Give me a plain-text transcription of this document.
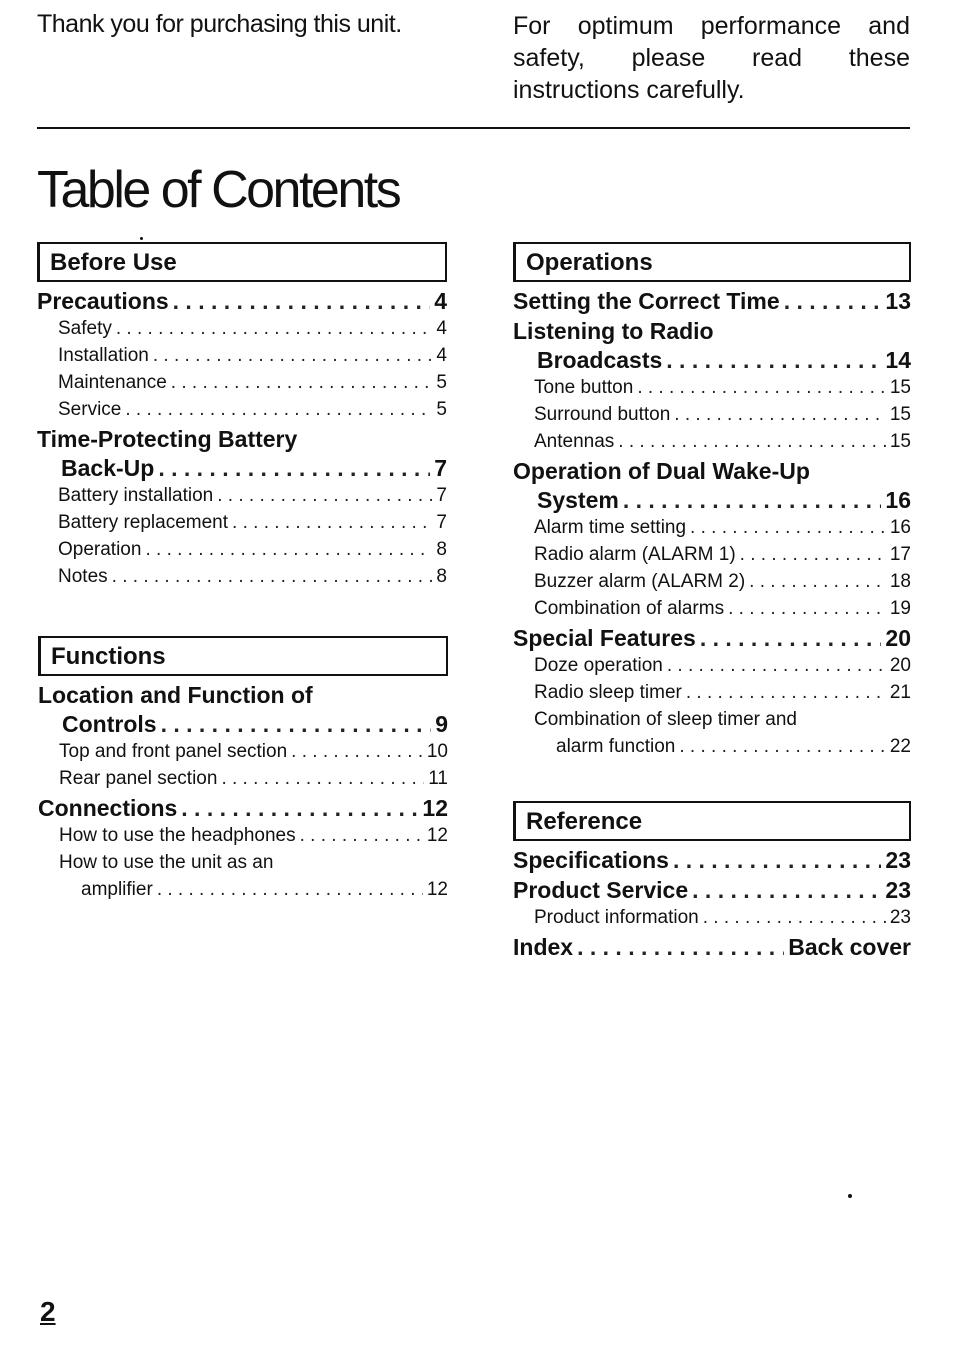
Thank you for purchasing this unit.	For optimum performance and safety, please read these instructions carefully.
Table of Contents
Before Use
Precautions . . .	4
Safety . . .	4
Installation . . .	4
Maintenance . . .	5
Service . . .	5
Time-Protecting Battery
Back-Up . . .	7
Battery installation . . .	7
Battery replacement . . .	7
Operation . . .	8
Notes . . .	8
Functions
Location and Function of
Controls . . .	9
Top and front panel section . . .	10
Rear panel section . . .	11
Connections . . .	12
How to use the headphones . . .	12
How to use the unit as an
amplifier . . .	12
Operations
Setting the Correct Time . . .	13
Listening to Radio
Broadcasts . . .	14
Tone button . . .	15
Surround button . . .	15
Antennas . . .	15
Operation of Dual Wake-Up
System . . .	16
Alarm time setting . . .	16
Radio alarm (ALARM 1) . . .	17
Buzzer alarm (ALARM 2) . . .	18
Combination of alarms . . .	19
Special Features . . .	20
Doze operation . . .	20
Radio sleep timer . . .	21
Combination of sleep timer and
alarm function . . .	22
Reference
Specifications . . .	23
Product Service . . .	23
Product information . . .	23
Index . . .	Back cover
2
